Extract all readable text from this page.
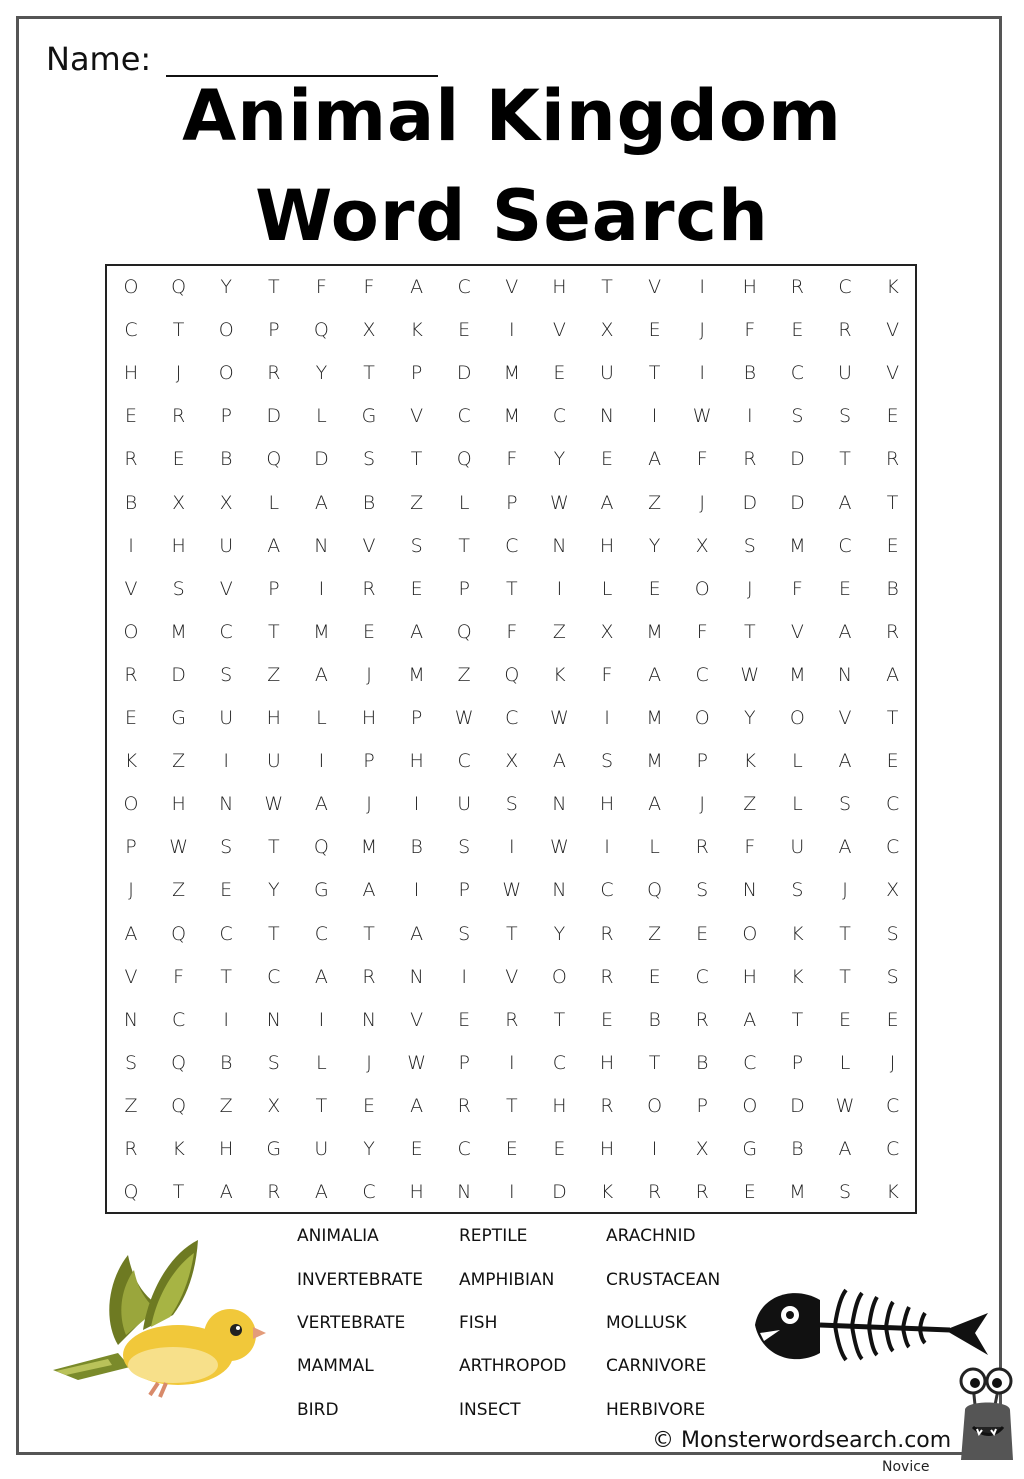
Name:
Animal Kingdom
Word Search
O	Q	Y	T	F	F	A	C	V	H	T	V	I	H	R	C	K
C	T	O	P	Q	X	K	E	I	V	X	E	J	F	E	R	V
H	J	O	R	Y	T	P	D	M	E	U	T	I	B	C	U	V
E	R	P	D	L	G	V	C	M	C	N	I	W	I	S	S	E
R	E	B	Q	D	S	T	Q	F	Y	E	A	F	R	D	T	R
B	X	X	L	A	B	Z	L	P	W	A	Z	J	D	D	A	T
I	H	U	A	N	V	S	T	C	N	H	Y	X	S	M	C	E
V	S	V	P	I	R	E	P	T	I	L	E	O	J	F	E	B
O	M	C	T	M	E	A	Q	F	Z	X	M	F	T	V	A	R
R	D	S	Z	A	J	M	Z	Q	K	F	A	C	W	M	N	A
E	G	U	H	L	H	P	W	C	W	I	M	O	Y	O	V	T
K	Z	I	U	I	P	H	C	X	A	S	M	P	K	L	A	E
O	H	N	W	A	J	I	U	S	N	H	A	J	Z	L	S	C
P	W	S	T	Q	M	B	S	I	W	I	L	R	F	U	A	C
J	Z	E	Y	G	A	I	P	W	N	C	Q	S	N	S	J	X
A	Q	C	T	C	T	A	S	T	Y	R	Z	E	O	K	T	S
V	F	T	C	A	R	N	I	V	O	R	E	C	H	K	T	S
N	C	I	N	I	N	V	E	R	T	E	B	R	A	T	E	E
S	Q	B	S	L	J	W	P	I	C	H	T	B	C	P	L	J
Z	Q	Z	X	T	E	A	R	T	H	R	O	P	O	D	W	C
R	K	H	G	U	Y	E	C	E	E	H	I	X	G	B	A	C
Q	T	A	R	A	C	H	N	I	D	K	R	R	E	M	S	K
ANIMALIA
INVERTEBRATE
VERTEBRATE
MAMMAL
BIRD
REPTILE
AMPHIBIAN
FISH
ARTHROPOD
INSECT
ARACHNID
CRUSTACEAN
MOLLUSK
CARNIVORE
HERBIVORE
© Monsterwordsearch.com
Novice
